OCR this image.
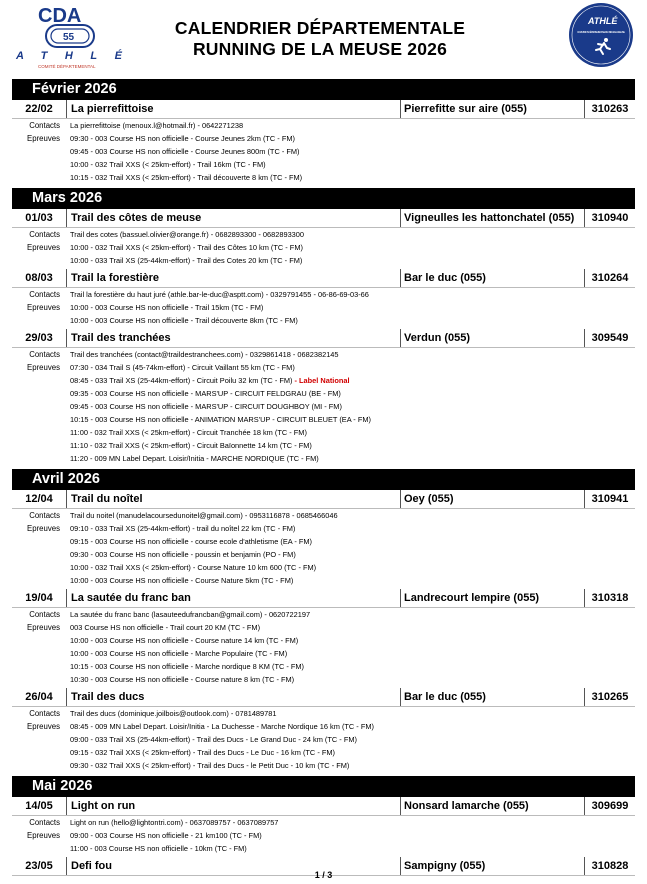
CDA
55
ATHLÉ
COMITÉ DÉPARTEMENTAL
CALENDRIER DÉPARTEMENTALE
RUNNING DE LA MEUSE 2026
ATHLÉ
COMMISSION DÉPARTEMENTALE RUNNING DE LA MEUSE
Février 2026
22/02	La pierrefittoise	Pierrefitte sur aire (055)	310263
Contacts	La pierrefittoise (menoux.l@hotmail.fr) - 0642271238
Epreuves	09:30 - 003 Course HS non officielle - Course Jeunes 2km (TC - FM)
09:45 - 003 Course HS non officielle - Course Jeunes 800m (TC - FM)
10:00 - 032 Trail XXS (< 25km-effort) - Trail 16km (TC - FM)
10:15 - 032 Trail XXS (< 25km-effort) - Trail découverte 8 km (TC - FM)
Mars 2026
01/03	Trail des côtes de meuse	Vigneulles les hattonchatel (055)	310940
Contacts	Trail des cotes (bassuel.olivier@orange.fr) - 0682893300 - 0682893300
Epreuves	10:00 - 032 Trail XXS (< 25km-effort) - Trail des Côtes 10 km (TC - FM)
10:00 - 033 Trail XS (25-44km-effort) - Trail des Cotes 20 km (TC - FM)
08/03	Trail la forestière	Bar le duc (055)	310264
Contacts	Trail la forestière du haut juré (athle.bar-le-duc@asptt.com) - 0329791455 - 06-86-69-03-66
Epreuves	10:00 - 003 Course HS non officielle - Trail 15km (TC - FM)
10:00 - 003 Course HS non officielle - Trail découverte 8km (TC - FM)
29/03	Trail des tranchées	Verdun (055)	309549
Contacts	Trail des tranchées (contact@traildestranchees.com) - 0329861418 - 0682382145
Epreuves	07:30 - 034 Trail S (45-74km-effort) - Circuit Vaillant 55 km (TC - FM)
08:45 - 033 Trail XS (25-44km-effort) - Circuit Poilu 32 km (TC - FM) - Label National
09:35 - 003 Course HS non officielle - MARS'UP - CIRCUIT FELDGRAU (BE - FM)
09:45 - 003 Course HS non officielle - MARS'UP - CIRCUIT DOUGHBOY (MI - FM)
10:15 - 003 Course HS non officielle - ANIMATION MARS'UP - CIRCUIT BLEUET (EA - FM)
11:00 - 032 Trail XXS (< 25km-effort) - Circuit Tranchée 18 km (TC - FM)
11:10 - 032 Trail XXS (< 25km-effort) - Circuit Baïonnette 14 km (TC - FM)
11:20 - 009 MN Label Depart. Loisir/Initia - MARCHE NORDIQUE (TC - FM)
Avril 2026
12/04	Trail du noîtel	Oey (055)	310941
Contacts	Trail du noitel (manudelacoursedunoitel@gmail.com) - 0953116878 - 0685466046
Epreuves	09:10 - 033 Trail XS (25-44km-effort) - trail du noîtel 22 km (TC - FM)
09:15 - 003 Course HS non officielle - course ecole d'athletisme (EA - FM)
09:30 - 003 Course HS non officielle - poussin et benjamin (PO - FM)
10:00 - 032 Trail XXS (< 25km-effort) - Course Nature 10 km 600 (TC - FM)
10:00 - 003 Course HS non officielle - Course Nature 5km (TC - FM)
19/04	La sautée du franc ban	Landrecourt lempire (055)	310318
Contacts	La sautée du franc banc (lasauteedufrancban@gmail.com) - 0620722197
Epreuves	003 Course HS non officielle - Trail court 20 KM (TC - FM)
10:00 - 003 Course HS non officielle - Course nature 14 km (TC - FM)
10:00 - 003 Course HS non officielle - Marche Populaire (TC - FM)
10:15 - 003 Course HS non officielle - Marche nordique 8 KM (TC - FM)
10:30 - 003 Course HS non officielle - Course nature 8 km (TC - FM)
26/04	Trail des ducs	Bar le duc (055)	310265
Contacts	Trail des ducs (dominique.joilbois@outlook.com) - 0781489781
Epreuves	08:45 - 009 MN Label Depart. Loisir/Initia - La Duchesse - Marche Nordique 16 km (TC - FM)
09:00 - 033 Trail XS (25-44km-effort) - Trail des Ducs - Le Grand Duc - 24 km (TC - FM)
09:15 - 032 Trail XXS (< 25km-effort) - Trail des Ducs - Le Duc - 16 km (TC - FM)
09:30 - 032 Trail XXS (< 25km-effort) - Trail des Ducs - le Petit Duc - 10 km (TC - FM)
Mai 2026
14/05	Light on run	Nonsard lamarche (055)	309699
Contacts	Light on run (hello@lightontri.com) - 0637089757 - 0637089757
Epreuves	09:00 - 003 Course HS non officielle - 21 km100 (TC - FM)
11:00 - 003 Course HS non officielle - 10km (TC - FM)
23/05	Defi fou	Sampigny (055)	310828
1 / 3
